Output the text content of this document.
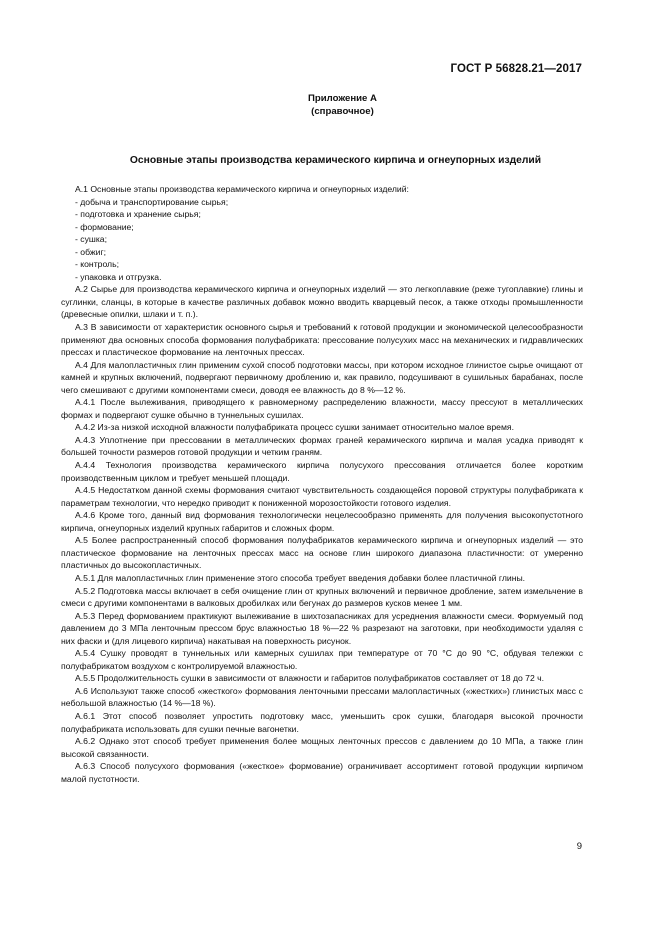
ГОСТ Р 56828.21—2017
Приложение А
(справочное)
Основные этапы производства керамического кирпича и огнеупорных изделий

А.1 Основные этапы производства керамического кирпича и огнеупорных изделий:

- добыча и транспортирование сырья;

- подготовка и хранение сырья;

- формование;

- сушка;

- обжиг;

- контроль;

- упаковка и отгрузка.

А.2 Сырье для производства керамического кирпича и огнеупорных изделий — это легкоплавкие (реже тугоплавкие) глины и суглинки, сланцы, в которые в качестве различных добавок можно вводить кварцевый песок, а также отходы промышленности (древесные опилки, шлаки и т. п.).

А.3 В зависимости от характеристик основного сырья и требований к готовой продукции и экономической целесообразности применяют два основных способа формования полуфабриката: прессование полусухих масс на механических и гидравлических прессах и пластическое формование на ленточных прессах.

А.4 Для малопластичных глин применим сухой способ подготовки массы, при котором исходное глинистое сырье очищают от камней и крупных включений, подвергают первичному дроблению и, как правило, подсушивают в сушильных барабанах, после чего смешивают с другими компонентами смеси, доводя ее влажность до 8 %—12 %.

А.4.1 После вылеживания, приводящего к равномерному распределению влажности, массу прессуют в металлических формах и подвергают сушке обычно в туннельных сушилах.

А.4.2 Из-за низкой исходной влажности полуфабриката процесс сушки занимает относительно малое время.

А.4.3 Уплотнение при прессовании в металлических формах граней керамического кирпича и малая усадка приводят к большей точности размеров готовой продукции и четким граням.

А.4.4 Технология производства керамического кирпича полусухого прессования отличается более коротким производственным циклом и требует меньшей площади.

А.4.5 Недостатком данной схемы формования считают чувствительность создающейся поровой структуры полуфабриката к параметрам технологии, что нередко приводит к пониженной морозостойкости готового изделия.

А.4.6 Кроме того, данный вид формования технологически нецелесообразно применять для получения высокопустотного кирпича, огнеупорных изделий крупных габаритов и сложных форм.

А.5 Более распространенный способ формования полуфабрикатов керамического кирпича и огнеупорных изделий — это пластическое формование на ленточных прессах масс на основе глин широкого диапазона пластичности: от умеренно пластичных до высокопластичных.

А.5.1 Для малопластичных глин применение этого способа требует введения добавки более пластичной глины.

А.5.2 Подготовка массы включает в себя очищение глин от крупных включений и первичное дробление, затем измельчение в смеси с другими компонентами в валковых дробилках или бегунах до размеров кусков менее 1 мм.

А.5.3 Перед формованием практикуют вылеживание в шихтозапасниках для усреднения влажности смеси. Формуемый под давлением до 3 МПа ленточным прессом брус влажностью 18 %—22 % разрезают на заготовки, при необходимости удаляя с них фаски и (для лицевого кирпича) накатывая на поверхность рисунок.

А.5.4 Сушку проводят в туннельных или камерных сушилах при температуре от 70 °С до 90 °С, обдувая тележки с полуфабрикатом воздухом с контролируемой влажностью.

А.5.5 Продолжительность сушки в зависимости от влажности и габаритов полуфабрикатов составляет от 18 до 72 ч.

А.6 Используют также способ «жесткого» формования ленточными прессами малопластичных («жестких») глинистых масс с небольшой влажностью (14 %—18 %).

А.6.1 Этот способ позволяет упростить подготовку масс, уменьшить срок сушки, благодаря высокой прочности полуфабриката использовать для сушки печные вагонетки.

А.6.2 Однако этот способ требует применения более мощных ленточных прессов с давлением до 10 МПа, а также глин высокой связанности.

А.6.3 Способ полусухого формования («жесткое» формование) ограничивает ассортимент готовой продукции кирпичом малой пустотности.

9
